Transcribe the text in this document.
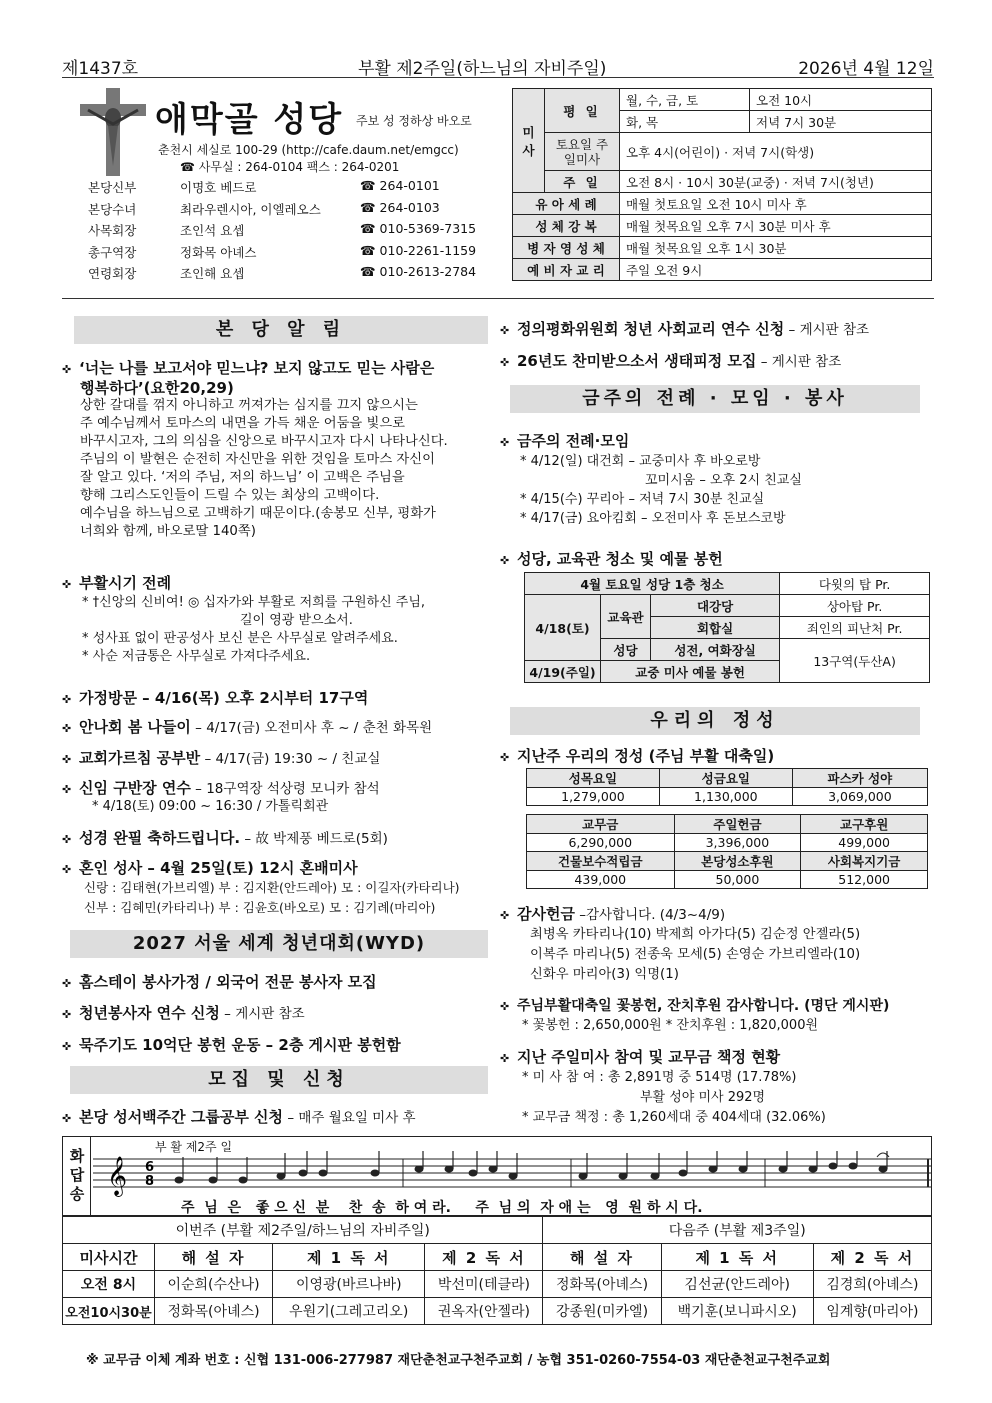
제1437호	부활 제2주일(하느님의 자비주일)	2026년 4월 12일
애막골 성당 주보 성 정하상 바오로
춘천시 세실로 100-29 (http://cafe.daum.net/emgcc)
☎ 사무실 : 264-0104 팩스 : 264-0201
본당신부	이명호 베드로	☎ 264-0101
본당수녀	최라우렌시아, 이엘레오스	☎ 264-0103
사목회장	조인석 요셉	☎ 010-5369-7315
총구역장	정화목 아녜스	☎ 010-2261-1159
연령회장	조인해 요셉	☎ 010-2613-2784
미사	평 일	월, 수, 금, 토	오전 10시
		화, 목	저녁 7시 30분
	토요일 주일미사	오후 4시(어린이) · 저녁 7시(학생)	
	주 일	오전 8시 · 10시 30분(교중) · 저녁 7시(청년)	
유 아 세 례		매월 첫토요일 오전 10시 미사 후	
성 체 강 복		매월 첫목요일 오후 7시 30분 미사 후	
병 자 영 성 체		매월 첫목요일 오후 1시 30분	
예 비 자 교 리		주일 오전 9시	
본 당 알 림
✜ ‘너는 나를 보고서야 믿느냐? 보지 않고도 믿는 사람은
행복하다’(요한20,29)
상한 갈대를 꺾지 아니하고 꺼져가는 심지를 끄지 않으시는
주 예수님께서 토마스의 내면을 가득 채운 어둠을 빛으로
바꾸시고자, 그의 의심을 신앙으로 바꾸시고자 다시 나타나신다.
주님의 이 발현은 순전히 자신만을 위한 것임을 토마스 자신이
잘 알고 있다. ‘저의 주님, 저의 하느님’ 이 고백은 주님을
향해 그리스도인들이 드릴 수 있는 최상의 고백이다.
예수님을 하느님으로 고백하기 때문이다.(송봉모 신부, 평화가
너희와 함께, 바오로딸 140쪽)
✜ 부활시기 전례
* †신앙의 신비여! ◎ 십자가와 부활로 저희를 구원하신 주님,
길이 영광 받으소서.
* 성사표 없이 판공성사 보신 분은 사무실로 알려주세요.
* 사순 저금통은 사무실로 가져다주세요.
✜ 가정방문 – 4/16(목) 오후 2시부터 17구역
✜ 안나회 봄 나들이 – 4/17(금) 오전미사 후 ~ / 춘천 화목원
✜ 교회가르침 공부반 – 4/17(금) 19:30 ~ / 친교실
✜ 신임 구반장 연수 – 18구역장 석상령 모니카 참석
* 4/18(토) 09:00 ~ 16:30 / 가톨릭회관
✜ 성경 완필 축하드립니다. – 故 박제풍 베드로(5회)
✜ 혼인 성사 – 4월 25일(토) 12시 혼배미사
신랑 : 김태현(가브리엘) 부 : 김지환(안드레아) 모 : 이길자(카타리나)
신부 : 김혜민(카타리나) 부 : 김윤호(바오로) 모 : 김기례(마리아)
2027 서울 세계 청년대회(WYD)
✜ 홈스테이 봉사가정 / 외국어 전문 봉사자 모집
✜ 청년봉사자 연수 신청 – 게시판 참조
✜ 묵주기도 10억단 봉헌 운동 – 2층 게시판 봉헌함
모집 및 신청
✜ 본당 성서백주간 그룹공부 신청 – 매주 월요일 미사 후
✜ 정의평화위원회 청년 사회교리 연수 신청 – 게시판 참조
✜ 26년도 찬미받으소서 생태피정 모집 – 게시판 참조
금주의 전례 · 모임 · 봉사
✜ 금주의 전례·모임
* 4/12(일) 대건회 – 교중미사 후 바오로방
꼬미시움 – 오후 2시 친교실
* 4/15(수) 꾸리아 – 저녁 7시 30분 친교실
* 4/17(금) 요아킴회 – 오전미사 후 돈보스코방
✜ 성당, 교육관 청소 및 예물 봉헌
4월 토요일 성당 1층 청소			다윗의 탑 Pr.
4/18(토)	교육관	대강당	상아탑 Pr.
		회합실	죄인의 피난처 Pr.
	성당	성전, 여화장실	13구역(두산A)
4/19(주일)	교중 미사 예물 봉헌		
우리의 정성
✜ 지난주 우리의 정성 (주님 부활 대축일)
성목요일	성금요일	파스카 성야
1,279,000	1,130,000	3,069,000
교무금	주일헌금	교구후원
6,290,000	3,396,000	499,000
건물보수적립금	본당성소후원	사회복지기금
439,000	50,000	512,000
✜ 감사헌금 –감사합니다. (4/3~4/9)
최병옥 카타리나(10) 박제희 아가다(5) 김순정 안젤라(5)
이복주 마리나(5) 전종욱 모세(5) 손영순 가브리엘라(10)
신화우 마리아(3) 익명(1)
✜ 주님부활대축일 꽃봉헌, 잔치후원 감사합니다. (명단 게시판)
* 꽃봉헌 : 2,650,000원 * 잔치후원 : 1,820,000원
✜ 지난 주일미사 참여 및 교무금 책정 현황
* 미 사 참 여 : 총 2,891명 중 514명 (17.78%)
부활 성야 미사 292명
* 교무금 책정 : 총 1,260세대 중 404세대 (32.06%)
화답송
부 활 제2주 일
𝄞 6
8
주  님  은   좋 으 신  분    찬  송  하 여 라.     주  님 의  자 애 는   영  원 하 시 다.
이번주 (부활 제2주일/하느님의 자비주일)				다음주 (부활 제3주일)		
미사시간	해 설 자	제 1 독 서	제 2 독 서	해 설 자	제 1 독 서	제 2 독 서
오전 8시	이순희(수산나)	이영광(바르나바)	박선미(테클라)	정화목(아녜스)	김선균(안드레아)	김경희(아녜스)
오전10시30분	정화목(아녜스)	우원기(그레고리오)	권옥자(안젤라)	강종원(미카엘)	백기훈(보니파시오)	임계향(마리아)
※ 교무금 이체 계좌 번호 : 신협 131-006-277987 재단춘천교구천주교회 / 농협 351-0260-7554-03 재단춘천교구천주교회
